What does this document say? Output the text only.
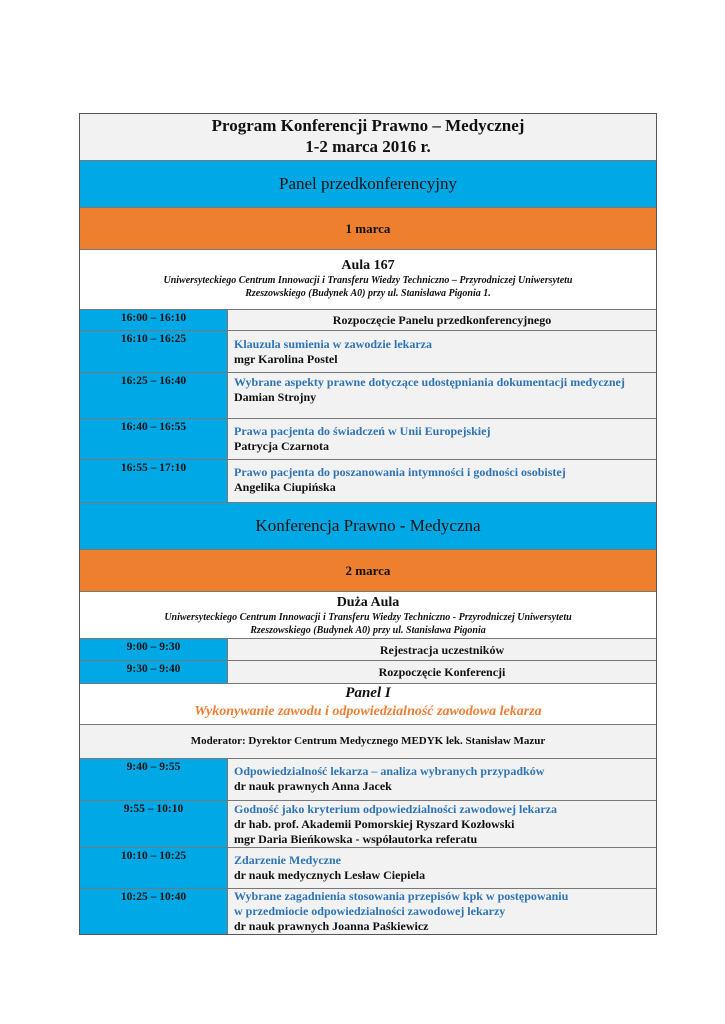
Program Konferencji Prawno – Medycznej
1-2 marca 2016 r.
Panel przedkonferencyjny
1 marca
Aula 167
Uniwersyteckiego Centrum Innowacji i Transferu Wiedzy Techniczno – Przyrodniczej Uniwersytetu
Rzeszowskiego (Budynek A0) przy ul. Stanisława Pigonia 1.
16:00 – 16:10	Rozpoczęcie Panelu przedkonferencyjnego
16:10 – 16:25	Klauzula sumienia w zawodzie lekarza
mgr Karolina Postel
16:25 – 16:40	Wybrane aspekty prawne dotyczące udostępniania dokumentacji medycznej
Damian Strojny
16:40 – 16:55	Prawa pacjenta do świadczeń w Unii Europejskiej
Patrycja Czarnota
16:55 – 17:10	Prawo pacjenta do poszanowania intymności i godności osobistej
Angelika Ciupińska
Konferencja Prawno - Medyczna
2 marca
Duża Aula
Uniwersyteckiego Centrum Innowacji i Transferu Wiedzy Techniczno - Przyrodniczej Uniwersytetu
Rzeszowskiego (Budynek A0) przy ul. Stanisława Pigonia
9:00 – 9:30	Rejestracja uczestników
9:30 – 9:40	Rozpoczęcie Konferencji
Panel I
Wykonywanie zawodu i odpowiedzialność zawodowa lekarza
Moderator: Dyrektor Centrum Medycznego MEDYK lek. Stanisław Mazur
9:40 – 9:55	Odpowiedzialność lekarza – analiza wybranych przypadków
dr nauk prawnych Anna Jacek
9:55 – 10:10	Godność jako kryterium odpowiedzialności zawodowej lekarza
dr hab. prof. Akademii Pomorskiej Ryszard Kozłowski
mgr Daria Bieńkowska - współautorka referatu
10:10 – 10:25	Zdarzenie Medyczne
dr nauk medycznych Lesław Ciepiela
10:25 – 10:40	Wybrane zagadnienia stosowania przepisów kpk w postępowaniu
w przedmiocie odpowiedzialności zawodowej lekarzy
dr nauk prawnych Joanna Paśkiewicz
